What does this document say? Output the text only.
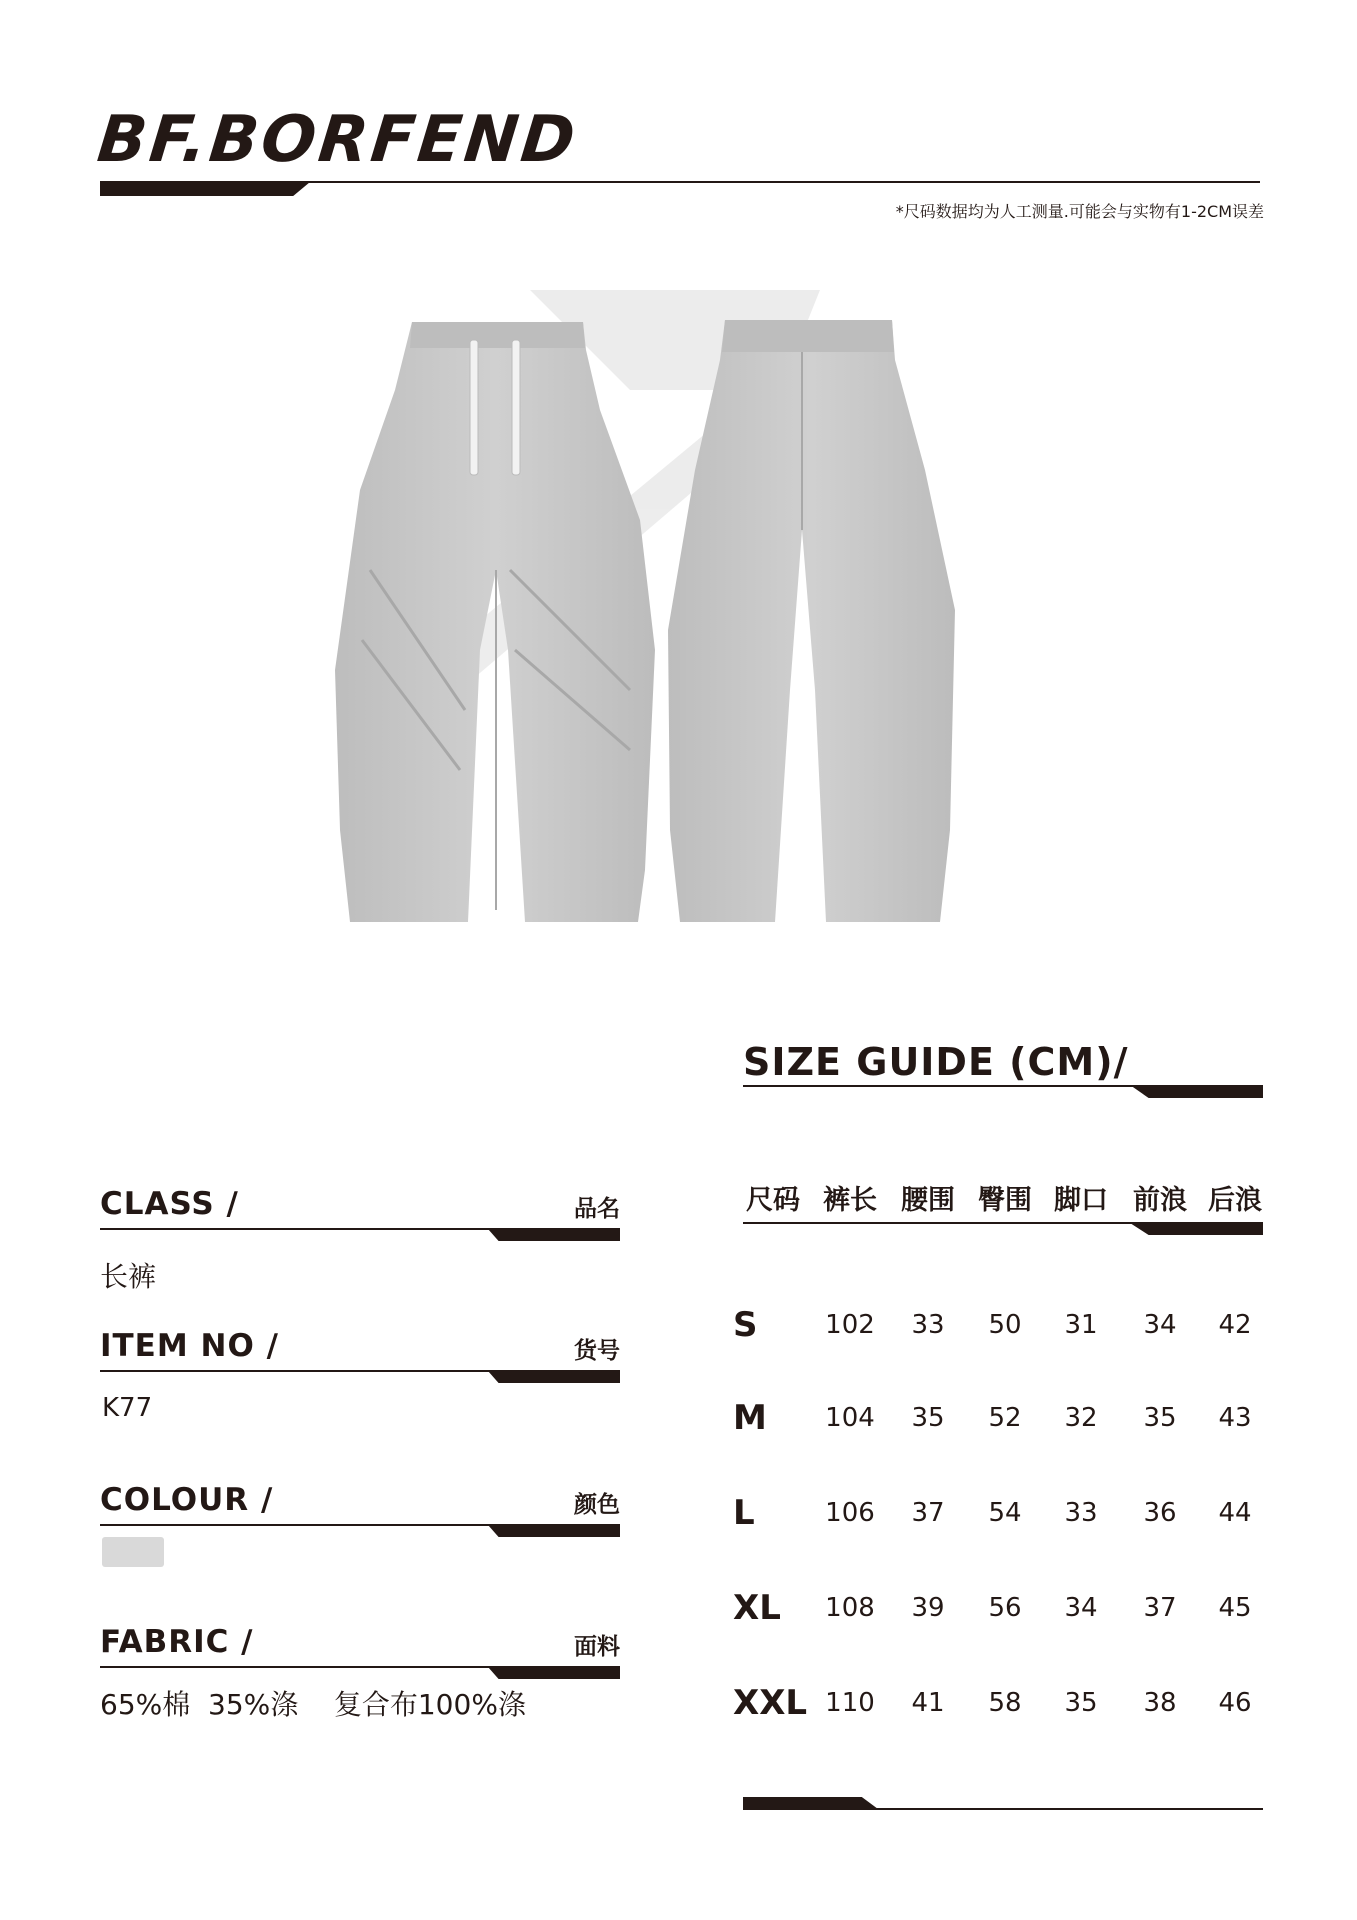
BF.BORFEND
*尺码数据均为人工测量.可能会与实物有1-2CM误差
CLASS /	品名
长裤
ITEM NO /	货号
K77
COLOUR /	颜色
FABRIC /	面料
65%棉  35%涤    复合布100%涤
SIZE GUIDE (CM)/
尺码 裤长 腰围 臀围 脚口 前浪 后浪
S	102	33	50	31	34	42
M	104	35	52	32	35	43
L	106	37	54	33	36	44
XL	108	39	56	34	37	45
XXL 110	41	58	35	38	46
